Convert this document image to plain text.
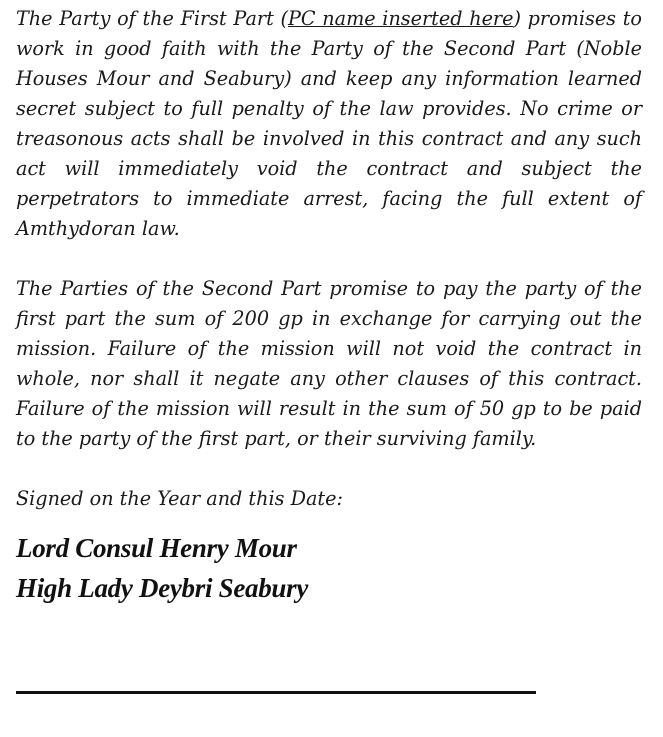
The Party of the First Part (PC name inserted here) promises to work in good faith with the Party of the Second Part (Noble Houses Mour and Seabury) and keep any information learned secret subject to full penalty of the law provides. No crime or treasonous acts shall be involved in this contract and any such act will immediately void the contract and subject the perpetrators to immediate arrest, facing the full extent of Amthydoran law.

The Parties of the Second Part promise to pay the party of the first part the sum of 200 gp in exchange for carrying out the mission. Failure of the mission will not void the contract in whole, nor shall it negate any other clauses of this contract. Failure of the mission will result in the sum of 50 gp to be paid to the party of the first part, or their surviving family.

Signed on the Year and this Date:

Lord Consul Henry Mour
High Lady Deybri Seabury
